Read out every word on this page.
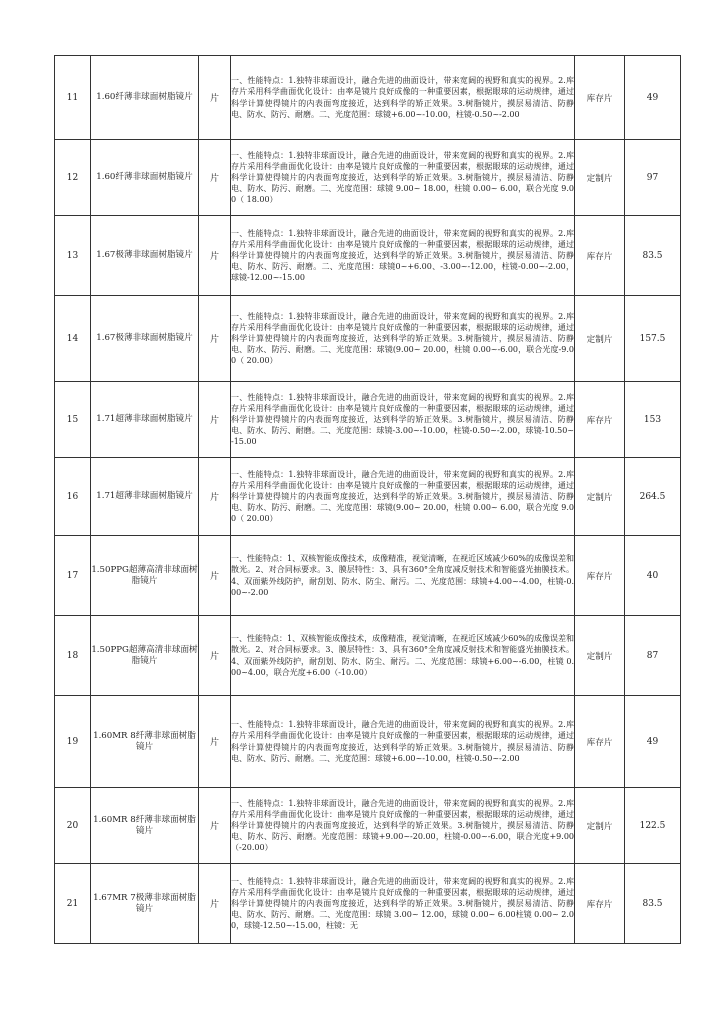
11	1.60纤薄非球面树脂镜片	片	一、性能特点：1.独特非球面设计，融合先进的曲面设计，带来宽阔的视野和真实的视界。2.库存片采用科学曲面优化设计：由率是镜片良好成像的一种重要因素，根据眼球的运动规律，通过科学计算使得镜片的内表面弯度接近，达到科学的矫正效果。3.树脂镜片，摸层易清洁、防静电、防水、防污、耐磨。二、光度范围：球镜+6.00~-10.00，柱镜-0.50~-2.00	库存片	49
12	1.60纤薄非球面树脂镜片	片	一、性能特点：1.独特非球面设计，融合先进的曲面设计，带来宽阔的视野和真实的视界。2.库存片采用科学曲面优化设计：由率是镜片良好成像的一种重要因素，根据眼球的运动规律，通过科学计算使得镜片的内表面弯度接近，达到科学的矫正效果。3.树脂镜片，摸层易清洁、防静电、防水、防污、耐磨。二、光度范围：球镜 9.00~ 18.00，柱镜 0.00~ 6.00，联合光度 9.00（ 18.00）	定制片	97
13	1.67极薄非球面树脂镜片	片	一、性能特点：1.独特非球面设计，融合先进的曲面设计，带来宽阔的视野和真实的视界。2.库存片采用科学曲面优化设计：由率是镜片良好成像的一种重要因素，根据眼球的运动规律，通过科学计算使得镜片的内表面弯度接近，达到科学的矫正效果。3.树脂镜片，摸层易清洁、防静电、防水、防污、耐磨。二、光度范围：球镜0~+6.00、-3.00~-12.00，柱镜-0.00~-2.00，球镜-12.00~-15.00	库存片	83.5
14	1.67极薄非球面树脂镜片	片	一、性能特点：1.独特非球面设计，融合先进的曲面设计，带来宽阔的视野和真实的视界。2.库存片采用科学曲面优化设计：由率是镜片良好成像的一种重要因素，根据眼球的运动规律，通过科学计算使得镜片的内表面弯度接近，达到科学的矫正效果。3.树脂镜片，摸层易清洁、防静电、防水、防污、耐磨。二、光度范围：球镜(9.00~ 20.00，柱镜 0.00~-6.00，联合光度-9.00（ 20.00）	定制片	157.5
15	1.71超薄非球面树脂镜片	片	一、性能特点：1.独特非球面设计，融合先进的曲面设计，带来宽阔的视野和真实的视界。2.库存片采用科学曲面优化设计：由率是镜片良好成像的一种重要因素，根据眼球的运动规律，通过科学计算使得镜片的内表面弯度接近，达到科学的矫正效果。3.树脂镜片，摸层易清洁、防静电、防水、防污、耐磨。二、光度范围：球镜-3.00~-10.00，柱镜-0.50~-2.00，球镜-10.50~-15.00	库存片	153
16	1.71超薄非球面树脂镜片	片	一、性能特点：1.独特非球面设计，融合先进的曲面设计，带来宽阔的视野和真实的视界。2.库存片采用科学曲面优化设计：由率是镜片良好成像的一种重要因素，根据眼球的运动规律，通过科学计算使得镜片的内表面弯度接近，达到科学的矫正效果。3.树脂镜片，摸层易清洁、防静电、防水、防污、耐磨。二、光度范围：球镜(9.00~ 20.00，柱镜 0.00~ 6.00，联合光度 9.00（ 20.00）	定制片	264.5
17	1.50PPG超薄高清非球面树脂镜片	片	一、性能特点：1、双核智能成像技术，成像精准，视觉清晰，在视近区域减少60%的成像误差和散光。2、对合同标要求。3、膜层特性：3、具有360°全角度减反射技术和智能盛光抽膜技术。4、双面紫外线防护，耐刮划、防水、防尘、耐污。二、光度范围：球镜+4.00~-4.00，柱镜-0.00~-2.00	库存片	40
18	1.50PPG超薄高清非球面树脂镜片	片	一、性能特点：1、双核智能成像技术，成像精准，视觉清晰，在视近区域减少60%的成像误差和散光。2、对合同标要求。3、膜层特性：3、具有360°全角度减反射技术和智能盛光抽膜技术。4、双面紫外线防护，耐刮划、防水、防尘、耐污。二、光度范围：球镜+6.00~-6.00，柱镜 0.00~4.00，联合光度+6.00（-10.00）	定制片	87
19	1.60MR 8纤薄非球面树脂镜片	片	一、性能特点：1.独特非球面设计，融合先进的曲面设计，带来宽阔的视野和真实的视界。2.库存片采用科学曲面优化设计：由率是镜片良好成像的一种重要因素，根据眼球的运动规律，通过科学计算使得镜片的内表面弯度接近，达到科学的矫正效果。3.树脂镜片，摸层易清洁、防静电、防水、防污、耐磨。二、光度范围：球镜+6.00~-10.00，柱镜-0.50~-2.00	库存片	49
20	1.60MR 8纤薄非球面树脂镜片	片	一、性能特点：1.独特非球面设计，融合先进的曲面设计，带来宽阔的视野和真实的视界。2.库存片采用科学曲面优化设计：曲率是镜片良好成像的一种重要因素，根据眼球的运动规律，通过科学计算使得镜片的内表面弯度接近，达到科学的矫正效果。3.树脂镜片，摸层易清洁、防静电、防水、防污、耐磨。光度范围：球镜+9.00~-20.00，柱镜-0.00~-6.00，联合光度+9.00（-20.00）	定制片	122.5
21	1.67MR 7极薄非球面树脂镜片	片	一、性能特点：1.独特非球面设计，融合先进的曲面设计，带来宽阔的视野和真实的视界。2.库存片采用科学曲面优化设计：由率是镜片良好成像的一种重要因素，根据眼球的运动规律，通过科学计算使得镜片的内表面弯度接近，达到科学的矫正效果。3.树脂镜片，摸层易清洁、防静电、防水、防污、耐磨。二、光度范围：球镜 3.00~ 12.00，球镜 0.00~ 6.00柱镜 0.00~ 2.00，球镜-12.50~-15.00，柱镜：无	库存片	83.5
